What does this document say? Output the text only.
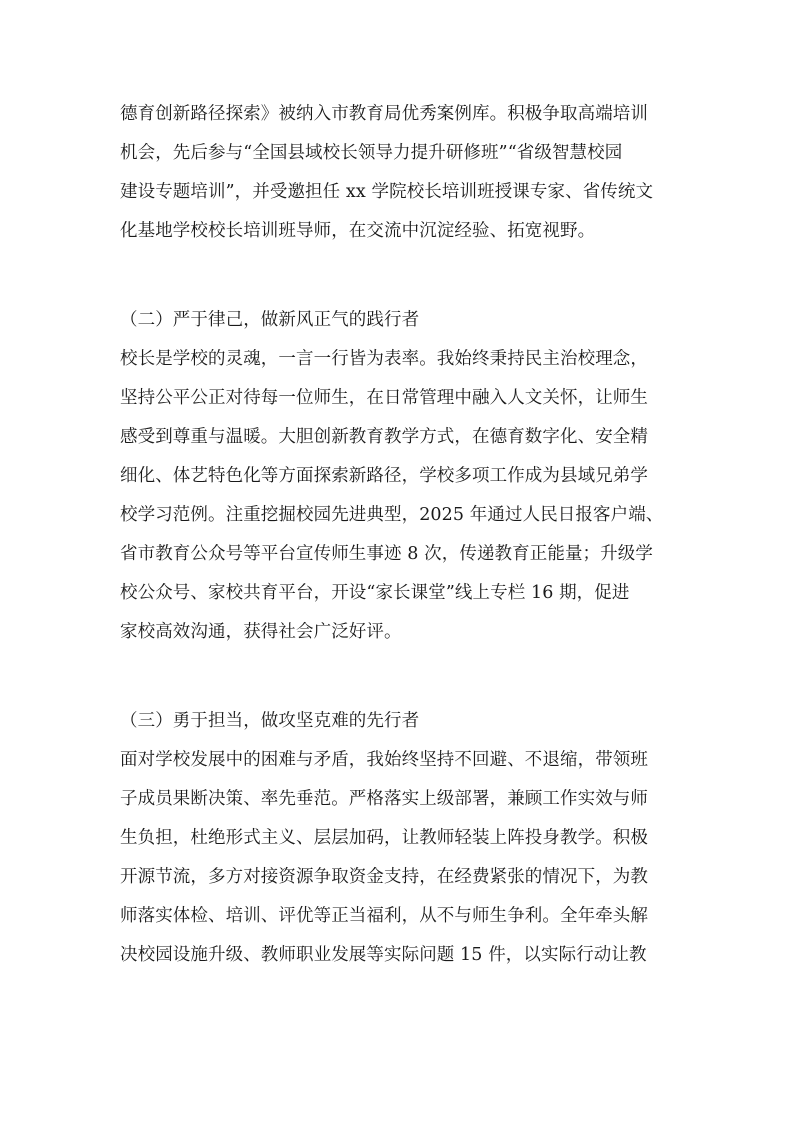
德育创新路径探索》被纳入市教育局优秀案例库。积极争取高端培训
机会，先后参与“全国县域校长领导力提升研修班”“省级智慧校园
建设专题培训”，并受邀担任 xx 学院校长培训班授课专家、省传统文
化基地学校校长培训班导师，在交流中沉淀经验、拓宽视野。
（二）严于律己，做新风正气的践行者
校长是学校的灵魂，一言一行皆为表率。我始终秉持民主治校理念，
坚持公平公正对待每一位师生，在日常管理中融入人文关怀，让师生
感受到尊重与温暖。大胆创新教育教学方式，在德育数字化、安全精
细化、体艺特色化等方面探索新路径，学校多项工作成为县域兄弟学
校学习范例。注重挖掘校园先进典型，2025 年通过人民日报客户端、
省市教育公众号等平台宣传师生事迹 8 次，传递教育正能量；升级学
校公众号、家校共育平台，开设“家长课堂”线上专栏 16 期，促进
家校高效沟通，获得社会广泛好评。
（三）勇于担当，做攻坚克难的先行者
面对学校发展中的困难与矛盾，我始终坚持不回避、不退缩，带领班
子成员果断决策、率先垂范。严格落实上级部署，兼顾工作实效与师
生负担，杜绝形式主义、层层加码，让教师轻装上阵投身教学。积极
开源节流，多方对接资源争取资金支持，在经费紧张的情况下，为教
师落实体检、培训、评优等正当福利，从不与师生争利。全年牵头解
决校园设施升级、教师职业发展等实际问题 15 件，以实际行动让教
